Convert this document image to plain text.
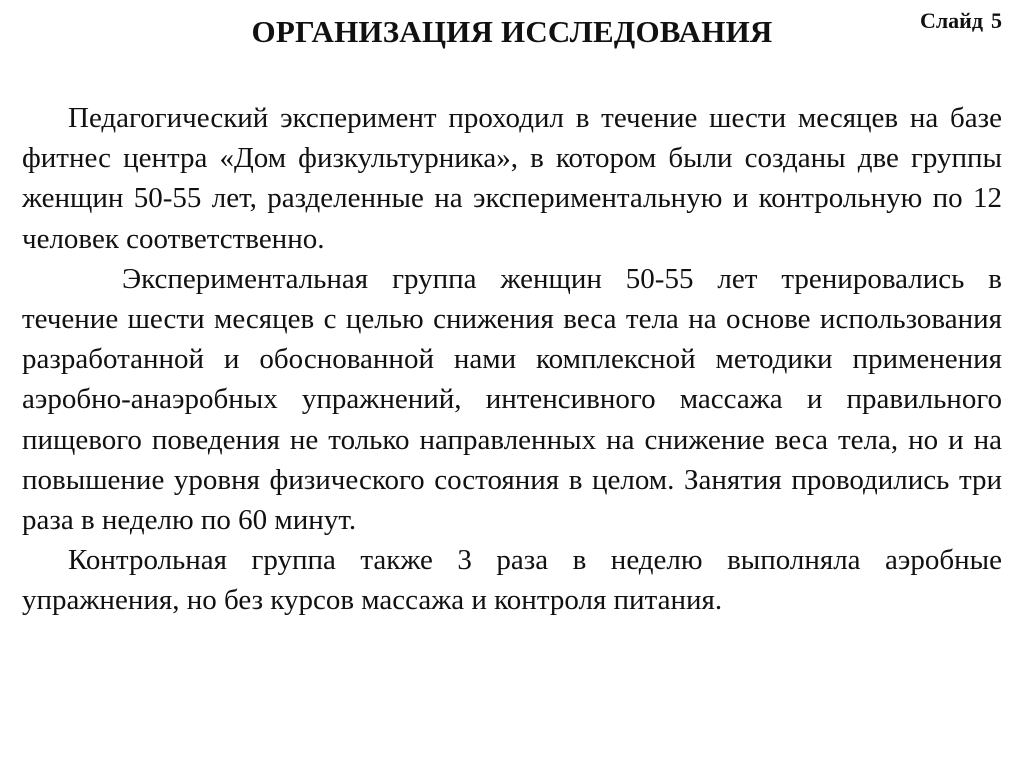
ОРГАНИЗАЦИЯ ИССЛЕДОВАНИЯ	Слайд 5

Педагогический эксперимент проходил в течение шести месяцев на базе фитнес центра «Дом физкультурника», в котором были созданы две группы женщин 50-55 лет, разделенные на экспериментальную и контрольную по 12 человек соответственно.

Экспериментальная группа женщин 50-55 лет тренировались в течение шести месяцев с целью снижения веса тела на основе использования разработанной и обоснованной нами комплексной методики применения аэробно-анаэробных упражнений, интенсивного массажа и правильного пищевого поведения не только направленных на снижение веса тела, но и на повышение уровня физического состояния в целом. Занятия проводились три раза в неделю по 60 минут.

Контрольная группа также 3 раза в неделю выполняла аэробные упражнения, но без курсов массажа и контроля питания.
